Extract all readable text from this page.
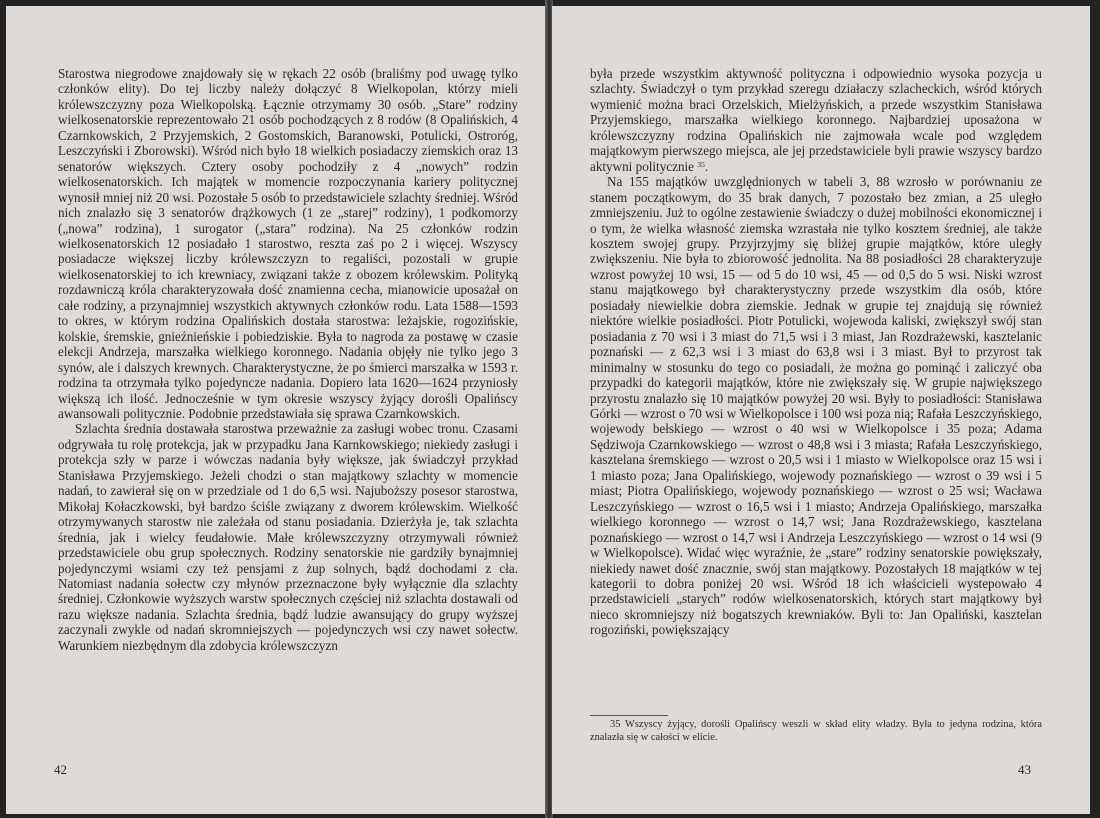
Starostwa niegrodowe znajdowały się w rękach 22 osób (braliśmy pod uwagę tylko członków elity). Do tej liczby należy dołączyć 8 Wielkopolan, którzy mieli królewszczyzny poza Wielkopolską. Łącznie otrzymamy 30 osób. „Stare” rodziny wielkosenatorskie reprezentowało 21 osób pochodzących z 8 rodów (8 Opalińskich, 4 Czarnkowskich, 2 Przyjemskich, 2 Gostomskich, Baranowski, Potulicki, Ostroróg, Leszczyński i Zborowski). Wśród nich było 18 wielkich posiadaczy ziemskich oraz 13 senatorów większych. Cztery osoby pochodziły z 4 „nowych” rodzin wielkosenatorskich. Ich majątek w momencie rozpoczynania kariery politycznej wynosił mniej niż 20 wsi. Pozostałe 5 osób to przedstawiciele szlachty średniej. Wśród nich znalazło się 3 senatorów drążkowych (1 ze „starej” rodziny), 1 podkomorzy („nowa” rodzina), 1 surogator („stara” rodzina). Na 25 członków rodzin wielkosenatorskich 12 posiadało 1 starostwo, reszta zaś po 2 i więcej. Wszyscy posiadacze większej liczby królewszczyzn to regaliści, pozostali w grupie wielkosenatorskiej to ich krewniacy, związani także z obozem królewskim. Polityką rozdawniczą króla charakteryzowała dość znamienna cecha, mianowicie uposażał on całe rodziny, a przynajmniej wszystkich aktywnych członków rodu. Lata 1588—1593 to okres, w którym rodzina Opalińskich dostała starostwa: leżajskie, rogozińskie, kolskie, śremskie, gnieźnieńskie i pobiedziskie. Była to nagroda za postawę w czasie elekcji Andrzeja, marszałka wielkiego koronnego. Nadania objęły nie tylko jego 3 synów, ale i dalszych krewnych. Charakterystyczne, że po śmierci marszałka w 1593 r. rodzina ta otrzymała tylko pojedyncze nadania. Dopiero lata 1620—1624 przyniosły większą ich ilość. Jednocześnie w tym okresie wszyscy żyjący dorośli Opalińscy awansowali politycznie. Podobnie przedstawiała się sprawa Czarnkowskich.

Szlachta średnia dostawała starostwa przeważnie za zasługi wobec tronu. Czasami odgrywała tu rolę protekcja, jak w przypadku Jana Karnkowskiego; niekiedy zasługi i protekcja szły w parze i wówczas nadania były większe, jak świadczył przykład Stanisława Przyjemskiego. Jeżeli chodzi o stan majątkowy szlachty w momencie nadań, to zawierał się on w przedziale od 1 do 6,5 wsi. Najuboższy posesor starostwa, Mikołaj Kołaczkowski, był bardzo ściśle związany z dworem królewskim. Wielkość otrzymywanych starostw nie zależała od stanu posiadania. Dzierżyła je, tak szlachta średnia, jak i wielcy feudałowie. Małe królewszczyzny otrzymywali również przedstawiciele obu grup społecznych. Rodziny senatorskie nie gardziły bynajmniej pojedynczymi wsiami czy też pensjami z żup solnych, bądź dochodami z cła. Natomiast nadania sołectw czy młynów przeznaczone były wyłącznie dla szlachty średniej. Członkowie wyższych warstw społecznych częściej niż szlachta dostawali od razu większe nadania. Szlachta średnia, bądź ludzie awansujący do grupy wyższej zaczynali zwykle od nadań skromniejszych — pojedynczych wsi czy nawet sołectw. Warunkiem niezbędnym dla zdobycia królewszczyzn

42

była przede wszystkim aktywność polityczna i odpowiednio wysoka pozycja u szlachty. Świadczył o tym przykład szeregu działaczy szlacheckich, wśród których wymienić można braci Orzelskich, Mielżyńskich, a przede wszystkim Stanisława Przyjemskiego, marszałka wielkiego koronnego. Najbardziej uposażona w królewszczyzny rodzina Opalińskich nie zajmowała wcale pod względem majątkowym pierwszego miejsca, ale jej przedstawiciele byli prawie wszyscy bardzo aktywni politycznie $^{35}$.

Na 155 majątków uwzględnionych w tabeli 3, 88 wzrosło w porównaniu ze stanem początkowym, do 35 brak danych, 7 pozostało bez zmian, a 25 uległo zmniejszeniu. Już to ogólne zestawienie świadczy o dużej mobilności ekonomicznej i o tym, że wielka własność ziemska wzrastała nie tylko kosztem średniej, ale także kosztem swojej grupy. Przyjrzyjmy się bliżej grupie majątków, które uległy zwiększeniu. Nie była to zbiorowość jednolita. Na 88 posiadłości 28 charakteryzuje wzrost powyżej 10 wsi, 15 — od 5 do 10 wsi, 45 — od 0,5 do 5 wsi. Niski wzrost stanu majątkowego był charakterystyczny przede wszystkim dla osób, które posiadały niewielkie dobra ziemskie. Jednak w grupie tej znajdują się również niektóre wielkie posiadłości. Piotr Potulicki, wojewoda kaliski, zwiększył swój stan posiadania z 70 wsi i 3 miast do 71,5 wsi i 3 miast, Jan Rozdrażewski, kasztelanic poznański — z 62,3 wsi i 3 miast do 63,8 wsi i 3 miast. Był to przyrost tak minimalny w stosunku do tego co posiadali, że można go pominąć i zaliczyć oba przypadki do kategorii majątków, które nie zwiększały się. W grupie największego przyrostu znalazło się 10 majątków powyżej 20 wsi. Były to posiadłości: Stanisława Górki — wzrost o 70 wsi w Wielkopolsce i 100 wsi poza nią; Rafała Leszczyńskiego, wojewody bełskiego — wzrost o 40 wsi w Wielkopolsce i 35 poza; Adama Sędziwoja Czarnkowskiego — wzrost o 48,8 wsi i 3 miasta; Rafała Leszczyńskiego, kasztelana śremskiego — wzrost o 20,5 wsi i 1 miasto w Wielkopolsce oraz 15 wsi i 1 miasto poza; Jana Opalińskiego, wojewody poznańskiego — wzrost o 39 wsi i 5 miast; Piotra Opalińskiego, wojewody poznańskiego — wzrost o 25 wsi; Wacława Leszczyńskiego — wzrost o 16,5 wsi i 1 miasto; Andrzeja Opalińskiego, marszałka wielkiego koronnego — wzrost o 14,7 wsi; Jana Rozdrażewskiego, kasztelana poznańskiego — wzrost o 14,7 wsi i Andrzeja Leszczyńskiego — wzrost o 14 wsi (9 w Wielkopolsce). Widać więc wyraźnie, że „stare” rodziny senatorskie powiększały, niekiedy nawet dość znacznie, swój stan majątkowy. Pozostałych 18 majątków w tej kategorii to dobra poniżej 20 wsi. Wśród 18 ich właścicieli wystepowało 4 przedstawicieli „starych” rodów wielkosenatorskich, których start majątkowy był nieco skromniejszy niż bogatszych krewniaków. Byli to: Jan Opaliński, kasztelan rogoziński, powiększający

35 Wszyscy żyjący, dorośli Opalińscy weszli w skład elity władzy. Była to jedyna rodzina, która znalazła się w całości w elicie.
43
